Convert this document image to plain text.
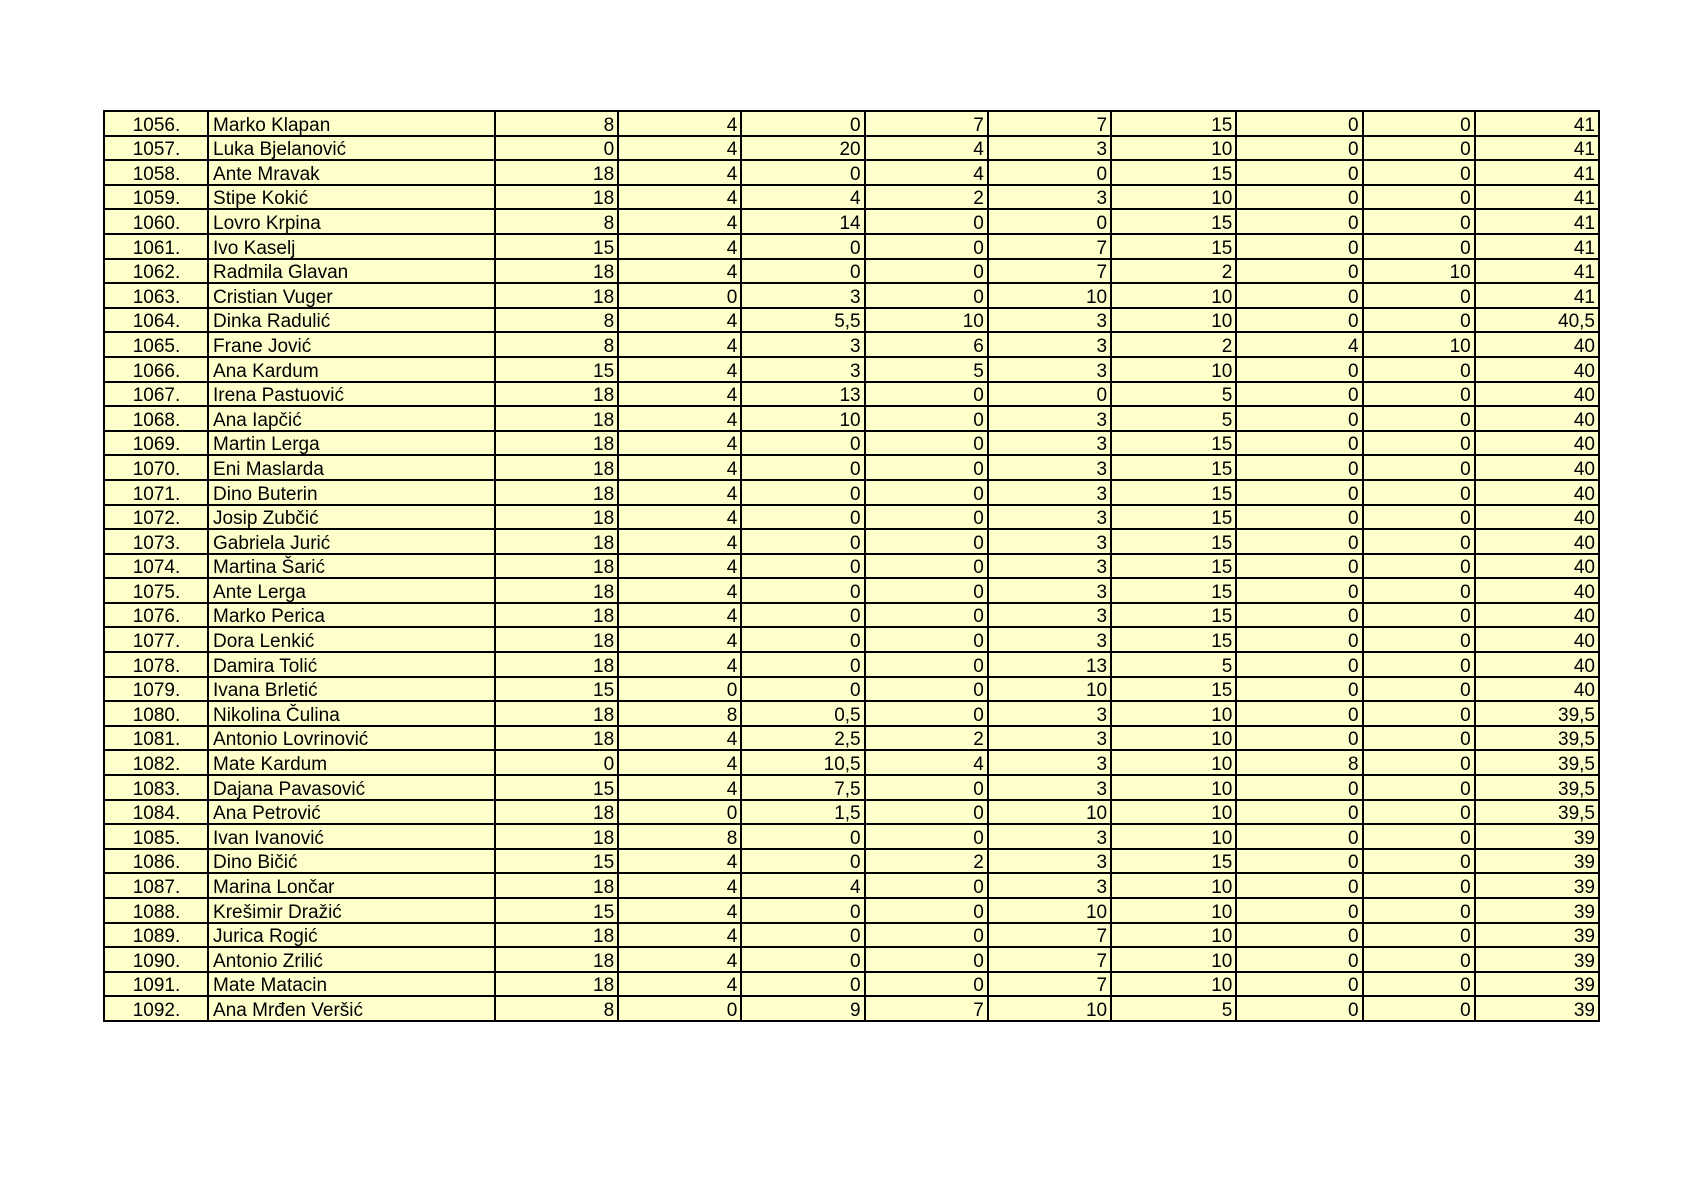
1056.	Marko Klapan	8	4	0	7	7	15	0	0	41
1057.	Luka Bjelanović	0	4	20	4	3	10	0	0	41
1058.	Ante Mravak	18	4	0	4	0	15	0	0	41
1059.	Stipe Kokić	18	4	4	2	3	10	0	0	41
1060.	Lovro Krpina	8	4	14	0	0	15	0	0	41
1061.	Ivo Kaselj	15	4	0	0	7	15	0	0	41
1062.	Radmila Glavan	18	4	0	0	7	2	0	10	41
1063.	Cristian Vuger	18	0	3	0	10	10	0	0	41
1064.	Dinka Radulić	8	4	5,5	10	3	10	0	0	40,5
1065.	Frane Jović	8	4	3	6	3	2	4	10	40
1066.	Ana Kardum	15	4	3	5	3	10	0	0	40
1067.	Irena Pastuović	18	4	13	0	0	5	0	0	40
1068.	Ana Iapčić	18	4	10	0	3	5	0	0	40
1069.	Martin Lerga	18	4	0	0	3	15	0	0	40
1070.	Eni Maslarda	18	4	0	0	3	15	0	0	40
1071.	Dino Buterin	18	4	0	0	3	15	0	0	40
1072.	Josip Zubčić	18	4	0	0	3	15	0	0	40
1073.	Gabriela Jurić	18	4	0	0	3	15	0	0	40
1074.	Martina Šarić	18	4	0	0	3	15	0	0	40
1075.	Ante Lerga	18	4	0	0	3	15	0	0	40
1076.	Marko Perica	18	4	0	0	3	15	0	0	40
1077.	Dora Lenkić	18	4	0	0	3	15	0	0	40
1078.	Damira Tolić	18	4	0	0	13	5	0	0	40
1079.	Ivana Brletić	15	0	0	0	10	15	0	0	40
1080.	Nikolina Čulina	18	8	0,5	0	3	10	0	0	39,5
1081.	Antonio Lovrinović	18	4	2,5	2	3	10	0	0	39,5
1082.	Mate Kardum	0	4	10,5	4	3	10	8	0	39,5
1083.	Dajana Pavasović	15	4	7,5	0	3	10	0	0	39,5
1084.	Ana Petrović	18	0	1,5	0	10	10	0	0	39,5
1085.	Ivan Ivanović	18	8	0	0	3	10	0	0	39
1086.	Dino Bičić	15	4	0	2	3	15	0	0	39
1087.	Marina Lončar	18	4	4	0	3	10	0	0	39
1088.	Krešimir Dražić	15	4	0	0	10	10	0	0	39
1089.	Jurica Rogić	18	4	0	0	7	10	0	0	39
1090.	Antonio Zrilić	18	4	0	0	7	10	0	0	39
1091.	Mate Matacin	18	4	0	0	7	10	0	0	39
1092.	Ana Mrđen Veršić	8	0	9	7	10	5	0	0	39
